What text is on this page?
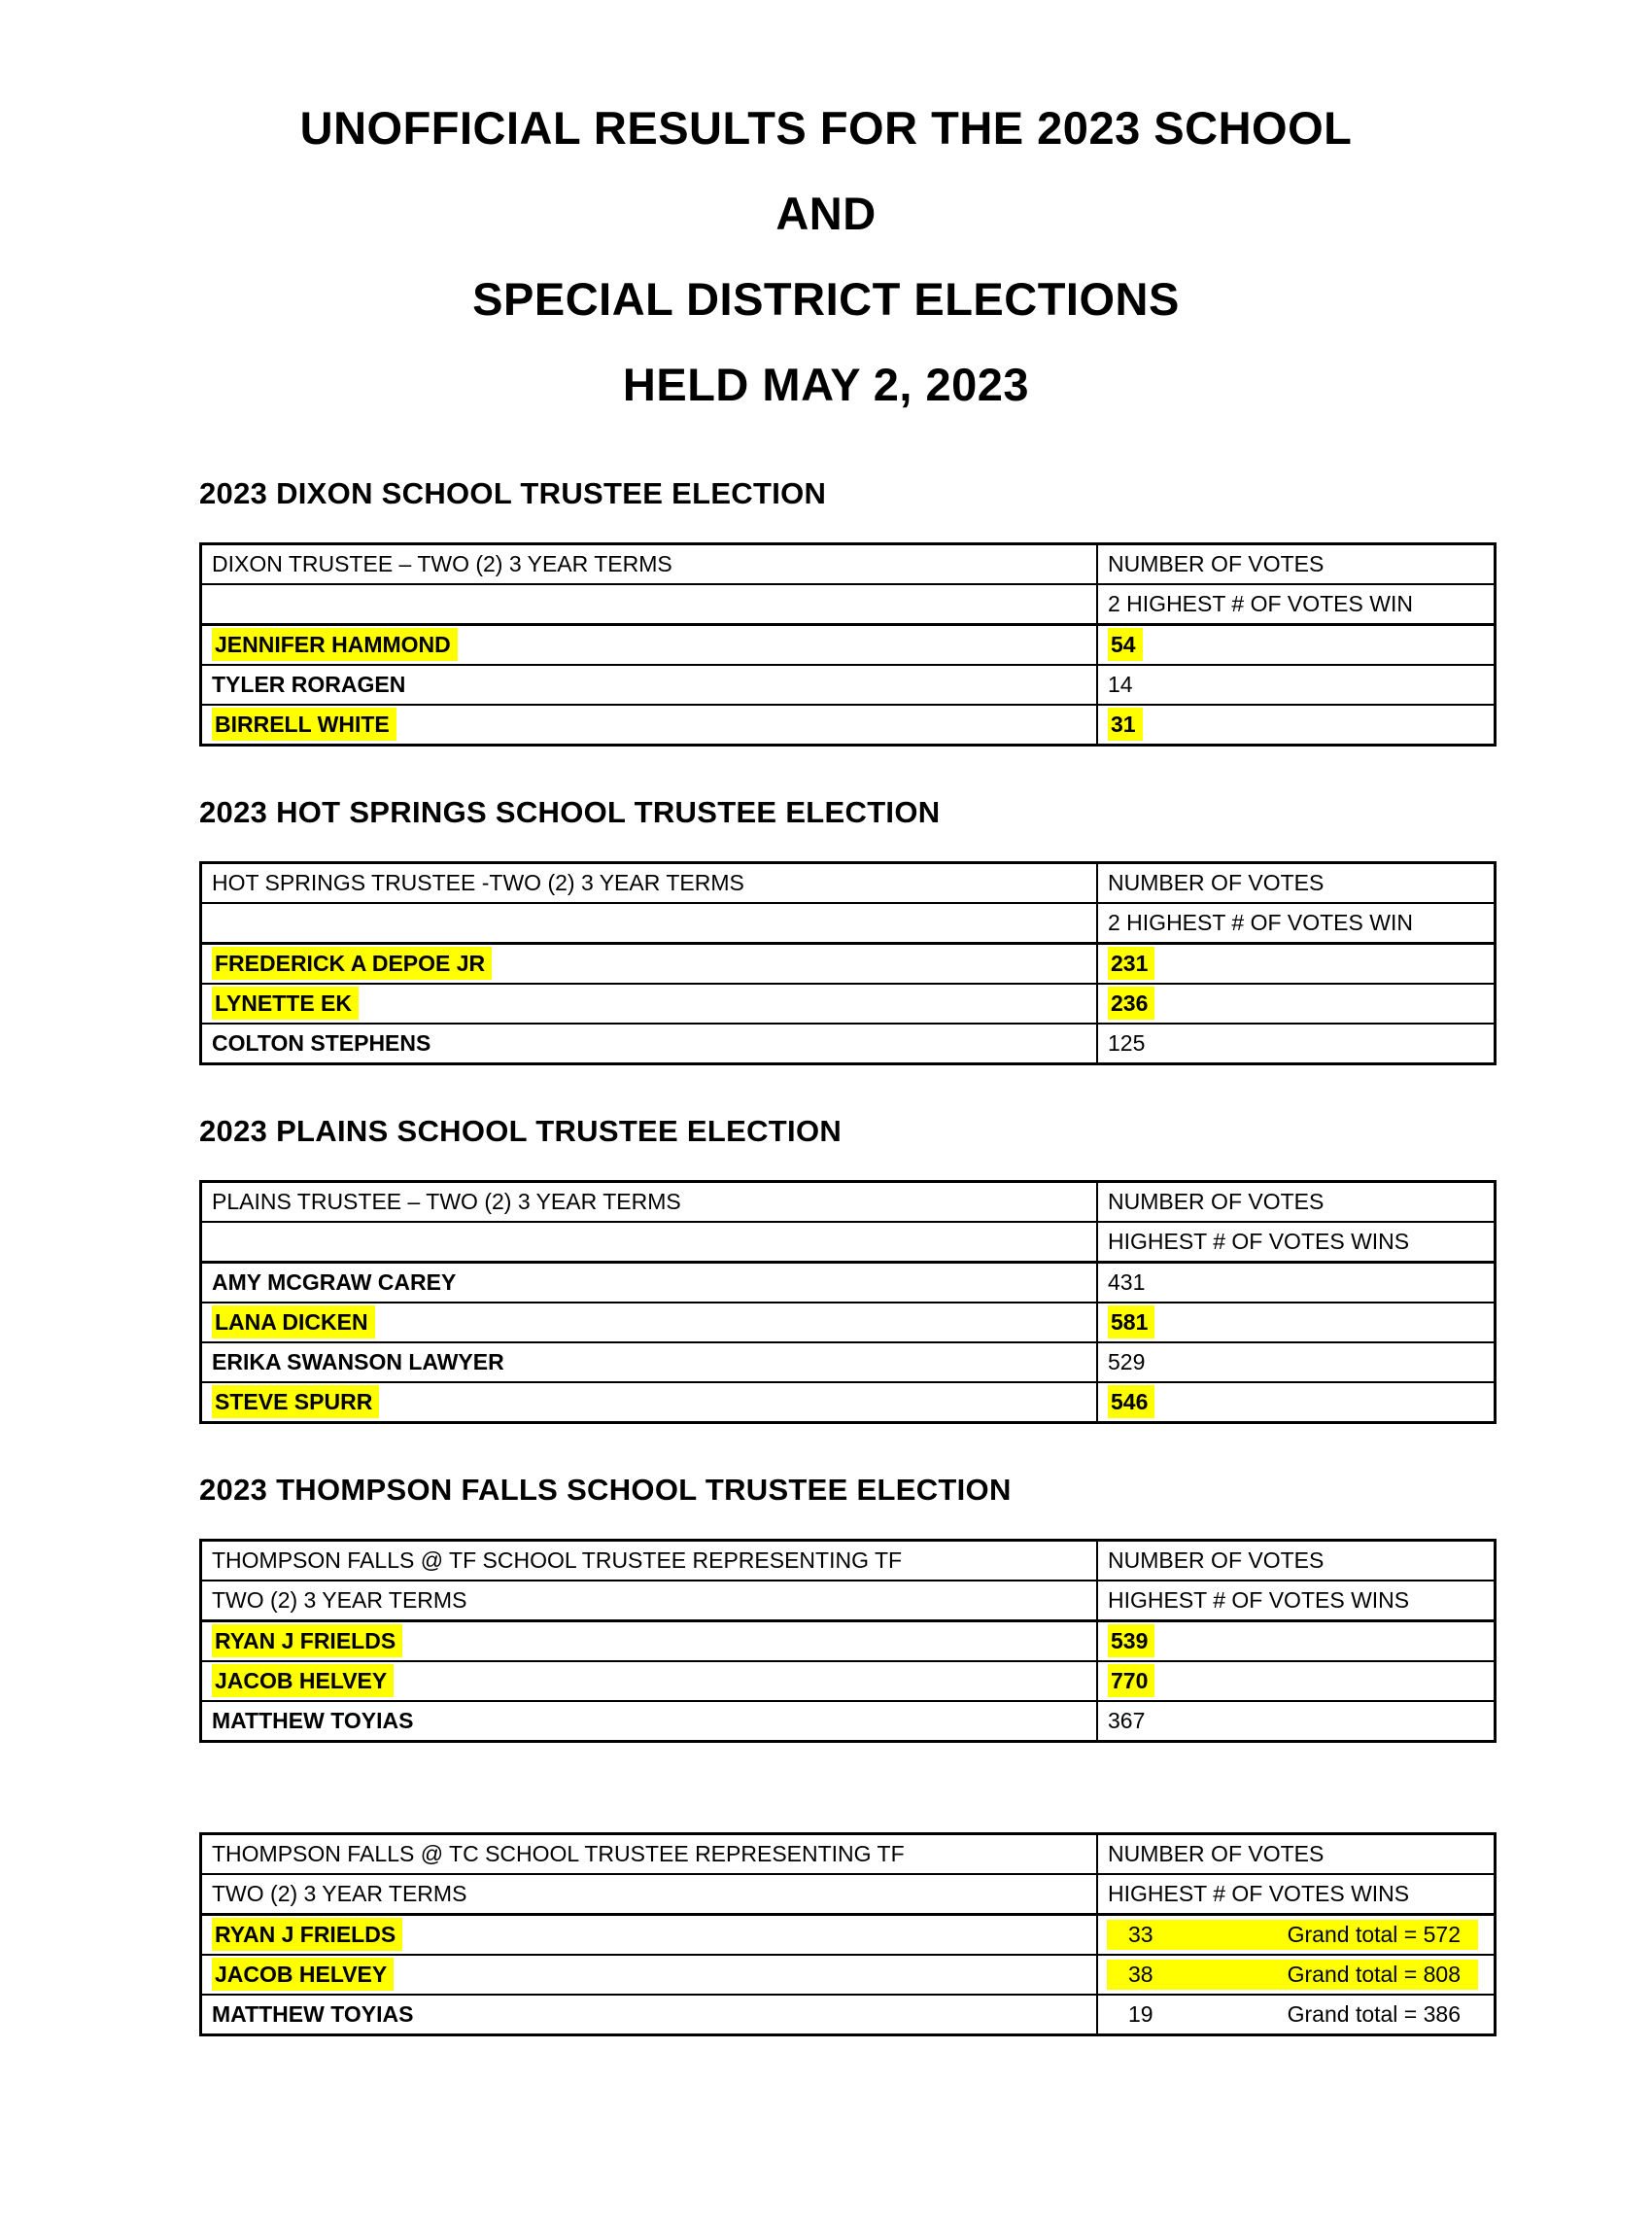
UNOFFICIAL RESULTS FOR THE 2023 SCHOOL
AND
SPECIAL DISTRICT ELECTIONS
HELD MAY 2, 2023
2023 DIXON SCHOOL TRUSTEE ELECTION
DIXON TRUSTEE – TWO (2) 3 YEAR TERMS	NUMBER OF VOTES
	2 HIGHEST # OF VOTES WIN
JENNIFER HAMMOND	54
TYLER RORAGEN	14
BIRRELL WHITE	31
2023 HOT SPRINGS SCHOOL TRUSTEE ELECTION
HOT SPRINGS TRUSTEE -TWO (2) 3 YEAR TERMS	NUMBER OF VOTES
	2 HIGHEST # OF VOTES WIN
FREDERICK A DEPOE JR	231
LYNETTE EK	236
COLTON STEPHENS	125
2023 PLAINS SCHOOL TRUSTEE ELECTION
PLAINS TRUSTEE – TWO (2) 3 YEAR TERMS	NUMBER OF VOTES
	HIGHEST # OF VOTES WINS
AMY MCGRAW CAREY	431
LANA DICKEN	581
ERIKA SWANSON LAWYER	529
STEVE SPURR	546
2023 THOMPSON FALLS SCHOOL TRUSTEE ELECTION
THOMPSON FALLS @ TF SCHOOL TRUSTEE REPRESENTING TF	NUMBER OF VOTES
TWO (2) 3 YEAR TERMS	HIGHEST # OF VOTES WINS
RYAN J FRIELDS	539
JACOB HELVEY	770
MATTHEW TOYIAS	367
THOMPSON FALLS @ TC SCHOOL TRUSTEE REPRESENTING TF	NUMBER OF VOTES
TWO (2) 3 YEAR TERMS	HIGHEST # OF VOTES WINS
RYAN J FRIELDS	33 Grand total = 572

JACOB HELVEY	38 Grand total = 808

MATTHEW TOYIAS	19 Grand total = 386
